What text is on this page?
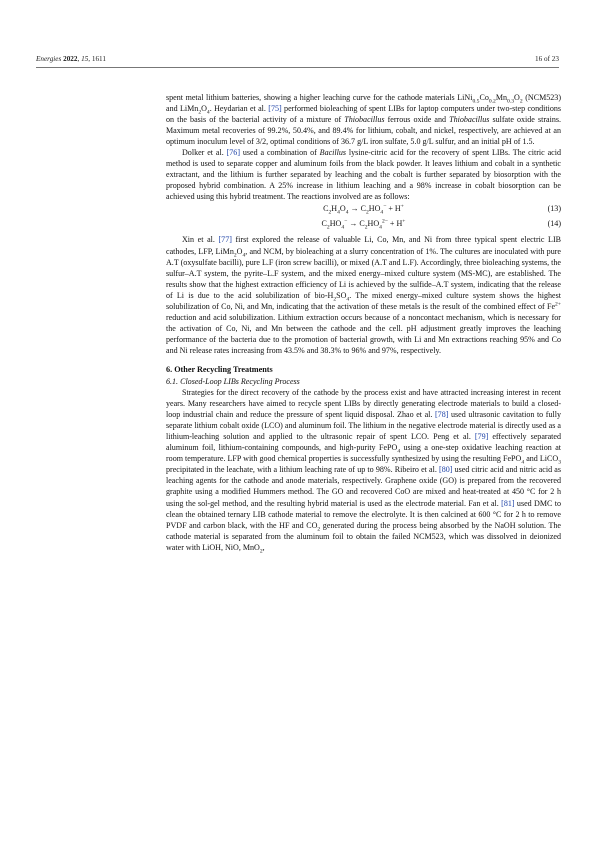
Energies 2022, 15, 1611	16 of 23

spent metal lithium batteries, showing a higher leaching curve for the cathode materials $LiNi_{0.5}Co_{0.2}Mn_{0.3}O_2$ (NCM523) and $LiMn_2O_4$. Heydarian et al. [75] performed bioleaching of spent LIBs for laptop computers under two-step conditions on the basis of the bacterial activity of a mixture of Thiobacillus ferrous oxide and Thiobacillus sulfate oxide strains. Maximum metal recoveries of 99.2%, 50.4%, and 89.4% for lithium, cobalt, and nickel, respectively, are achieved at an optimum inoculum level of 3/2, optimal conditions of 36.7 g/L iron sulfate, 5.0 g/L sulfur, and an initial pH of 1.5.

Dolker et al. [76] used a combination of Bacillus lysine-citric acid for the recovery of spent LIBs. The citric acid method is used to separate copper and aluminum foils from the black powder. It leaves lithium and cobalt in a synthetic extractant, and the lithium is further separated by leaching and the cobalt is further separated by biosorption with the proposed hybrid combination. A 25% increase in lithium leaching and a 98% increase in cobalt biosorption can be achieved using this hybrid treatment. The reactions involved are as follows:

$C_2H_4O_4 \to C_2HO_4^- + H^+$	(13)
$C_2HO_4^- \to C_2HO_4^{2-} + H^+$	(14)

Xin et al. [77] first explored the release of valuable Li, Co, Mn, and Ni from three typical spent electric LIB cathodes, LFP, $LiMn_2O_4$, and NCM, by bioleaching at a slurry concentration of 1%. The cultures are inoculated with pure A.T (oxysulfate bacilli), pure L.F (iron screw bacilli), or mixed (A.T and L.F). Accordingly, three bioleaching systems, the sulfur–A.T system, the pyrite–L.F system, and the mixed energy–mixed culture system (MS-MC), are established. The results show that the highest extraction efficiency of Li is achieved by the sulfide–A.T system, indicating that the release of Li is due to the acid solubilization of bio-$H_2SO_4$. The mixed energy–mixed culture system shows the highest solubilization of Co, Ni, and Mn, indicating that the activation of these metals is the result of the combined effect of $Fe^{2+}$ reduction and acid solubilization. Lithium extraction occurs because of a noncontact mechanism, which is necessary for the activation of Co, Ni, and Mn between the cathode and the cell. pH adjustment greatly improves the leaching performance of the bacteria due to the promotion of bacterial growth, with Li and Mn extractions reaching 95% and Co and Ni release rates increasing from 43.5% and 38.3% to 96% and 97%, respectively.

6. Other Recycling Treatments
6.1. Closed-Loop LIBs Recycling Process

Strategies for the direct recovery of the cathode by the process exist and have attracted increasing interest in recent years. Many researchers have aimed to recycle spent LIBs by directly generating electrode materials to build a closed-loop industrial chain and reduce the pressure of spent liquid disposal. Zhao et al. [78] used ultrasonic cavitation to fully separate lithium cobalt oxide (LCO) and aluminum foil. The lithium in the negative electrode material is directly used as a lithium-leaching solution and applied to the ultrasonic repair of spent LCO. Peng et al. [79] effectively separated aluminum foil, lithium-containing compounds, and high-purity FePO$_4$ using a one-step oxidative leaching reaction at room temperature. LFP with good chemical properties is successfully synthesized by using the resulting FePO$_4$ and LiCO$_3$ precipitated in the leachate, with a lithium leaching rate of up to 98%. Ribeiro et al. [80] used citric acid and nitric acid as leaching agents for the cathode and anode materials, respectively. Graphene oxide (GO) is prepared from the recovered graphite using a modified Hummers method. The GO and recovered CoO are mixed and heat-treated at 450 °C for 2 h using the sol-gel method, and the resulting hybrid material is used as the electrode material. Fan et al. [81] used DMC to clean the obtained ternary LIB cathode material to remove the electrolyte. It is then calcined at 600 °C for 2 h to remove PVDF and carbon black, with the HF and $CO_2$ generated during the process being absorbed by the NaOH solution. The cathode material is separated from the aluminum foil to obtain the failed NCM523, which was dissolved in deionized water with LiOH, NiO, MnO$_2$,
